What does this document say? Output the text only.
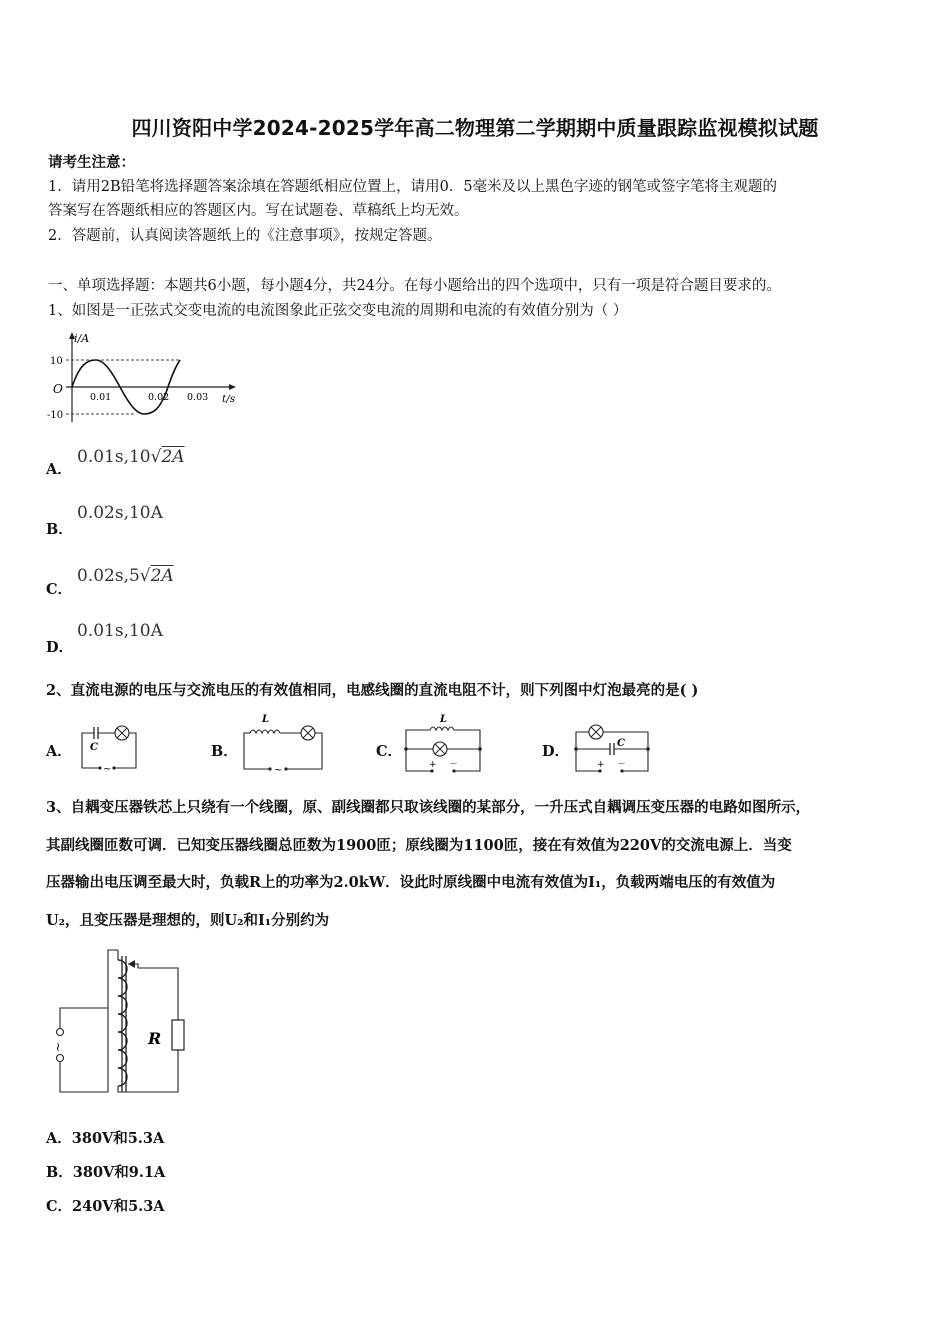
四川资阳中学2024-2025学年高二物理第二学期期中质量跟踪监视模拟试题
请考生注意：
1．请用2B铅笔将选择题答案涂填在答题纸相应位置上，请用0．5毫米及以上黑色字迹的钢笔或签字笔将主观题的
答案写在答题纸相应的答题区内。写在试题卷、草稿纸上均无效。
2．答题前，认真阅读答题纸上的《注意事项》，按规定答题。
一、单项选择题：本题共6小题，每小题4分，共24分。在每小题给出的四个选项中，只有一项是符合题目要求的。
1、如图是一正弦式交变电流的电流图象此正弦交变电流的周期和电流的有效值分别为（ ）
i/A
t/s
O
10
-10
0.01	0.02 0.03
A．
0.01s,10√2A
B．
0.02s,10A
C．
0.02s,5√2A
D．
0.01s,10A
2、直流电源的电压与交流电压的有效值相同，电感线圈的直流电阻不计，则下列图中灯泡最亮的是( )
A． C
~
B．
L
~
C．
L
+ －
D．	C
+ －
3、自耦变压器铁芯上只绕有一个线圈，原、副线圈都只取该线圈的某部分，一升压式自耦调压变压器的电路如图所示，
其副线圈匝数可调．已知变压器线圈总匝数为1900匝；原线圈为1100匝，接在有效值为220V的交流电源上．当变
压器输出电压调至最大时，负载R上的功率为2.0kW．设此时原线圈中电流有效值为I₁，负载两端电压的有效值为
U₂，且变压器是理想的，则U₂和I₁分别约为
R
~
A．380V和5.3A
B．380V和9.1A
C．240V和5.3A
